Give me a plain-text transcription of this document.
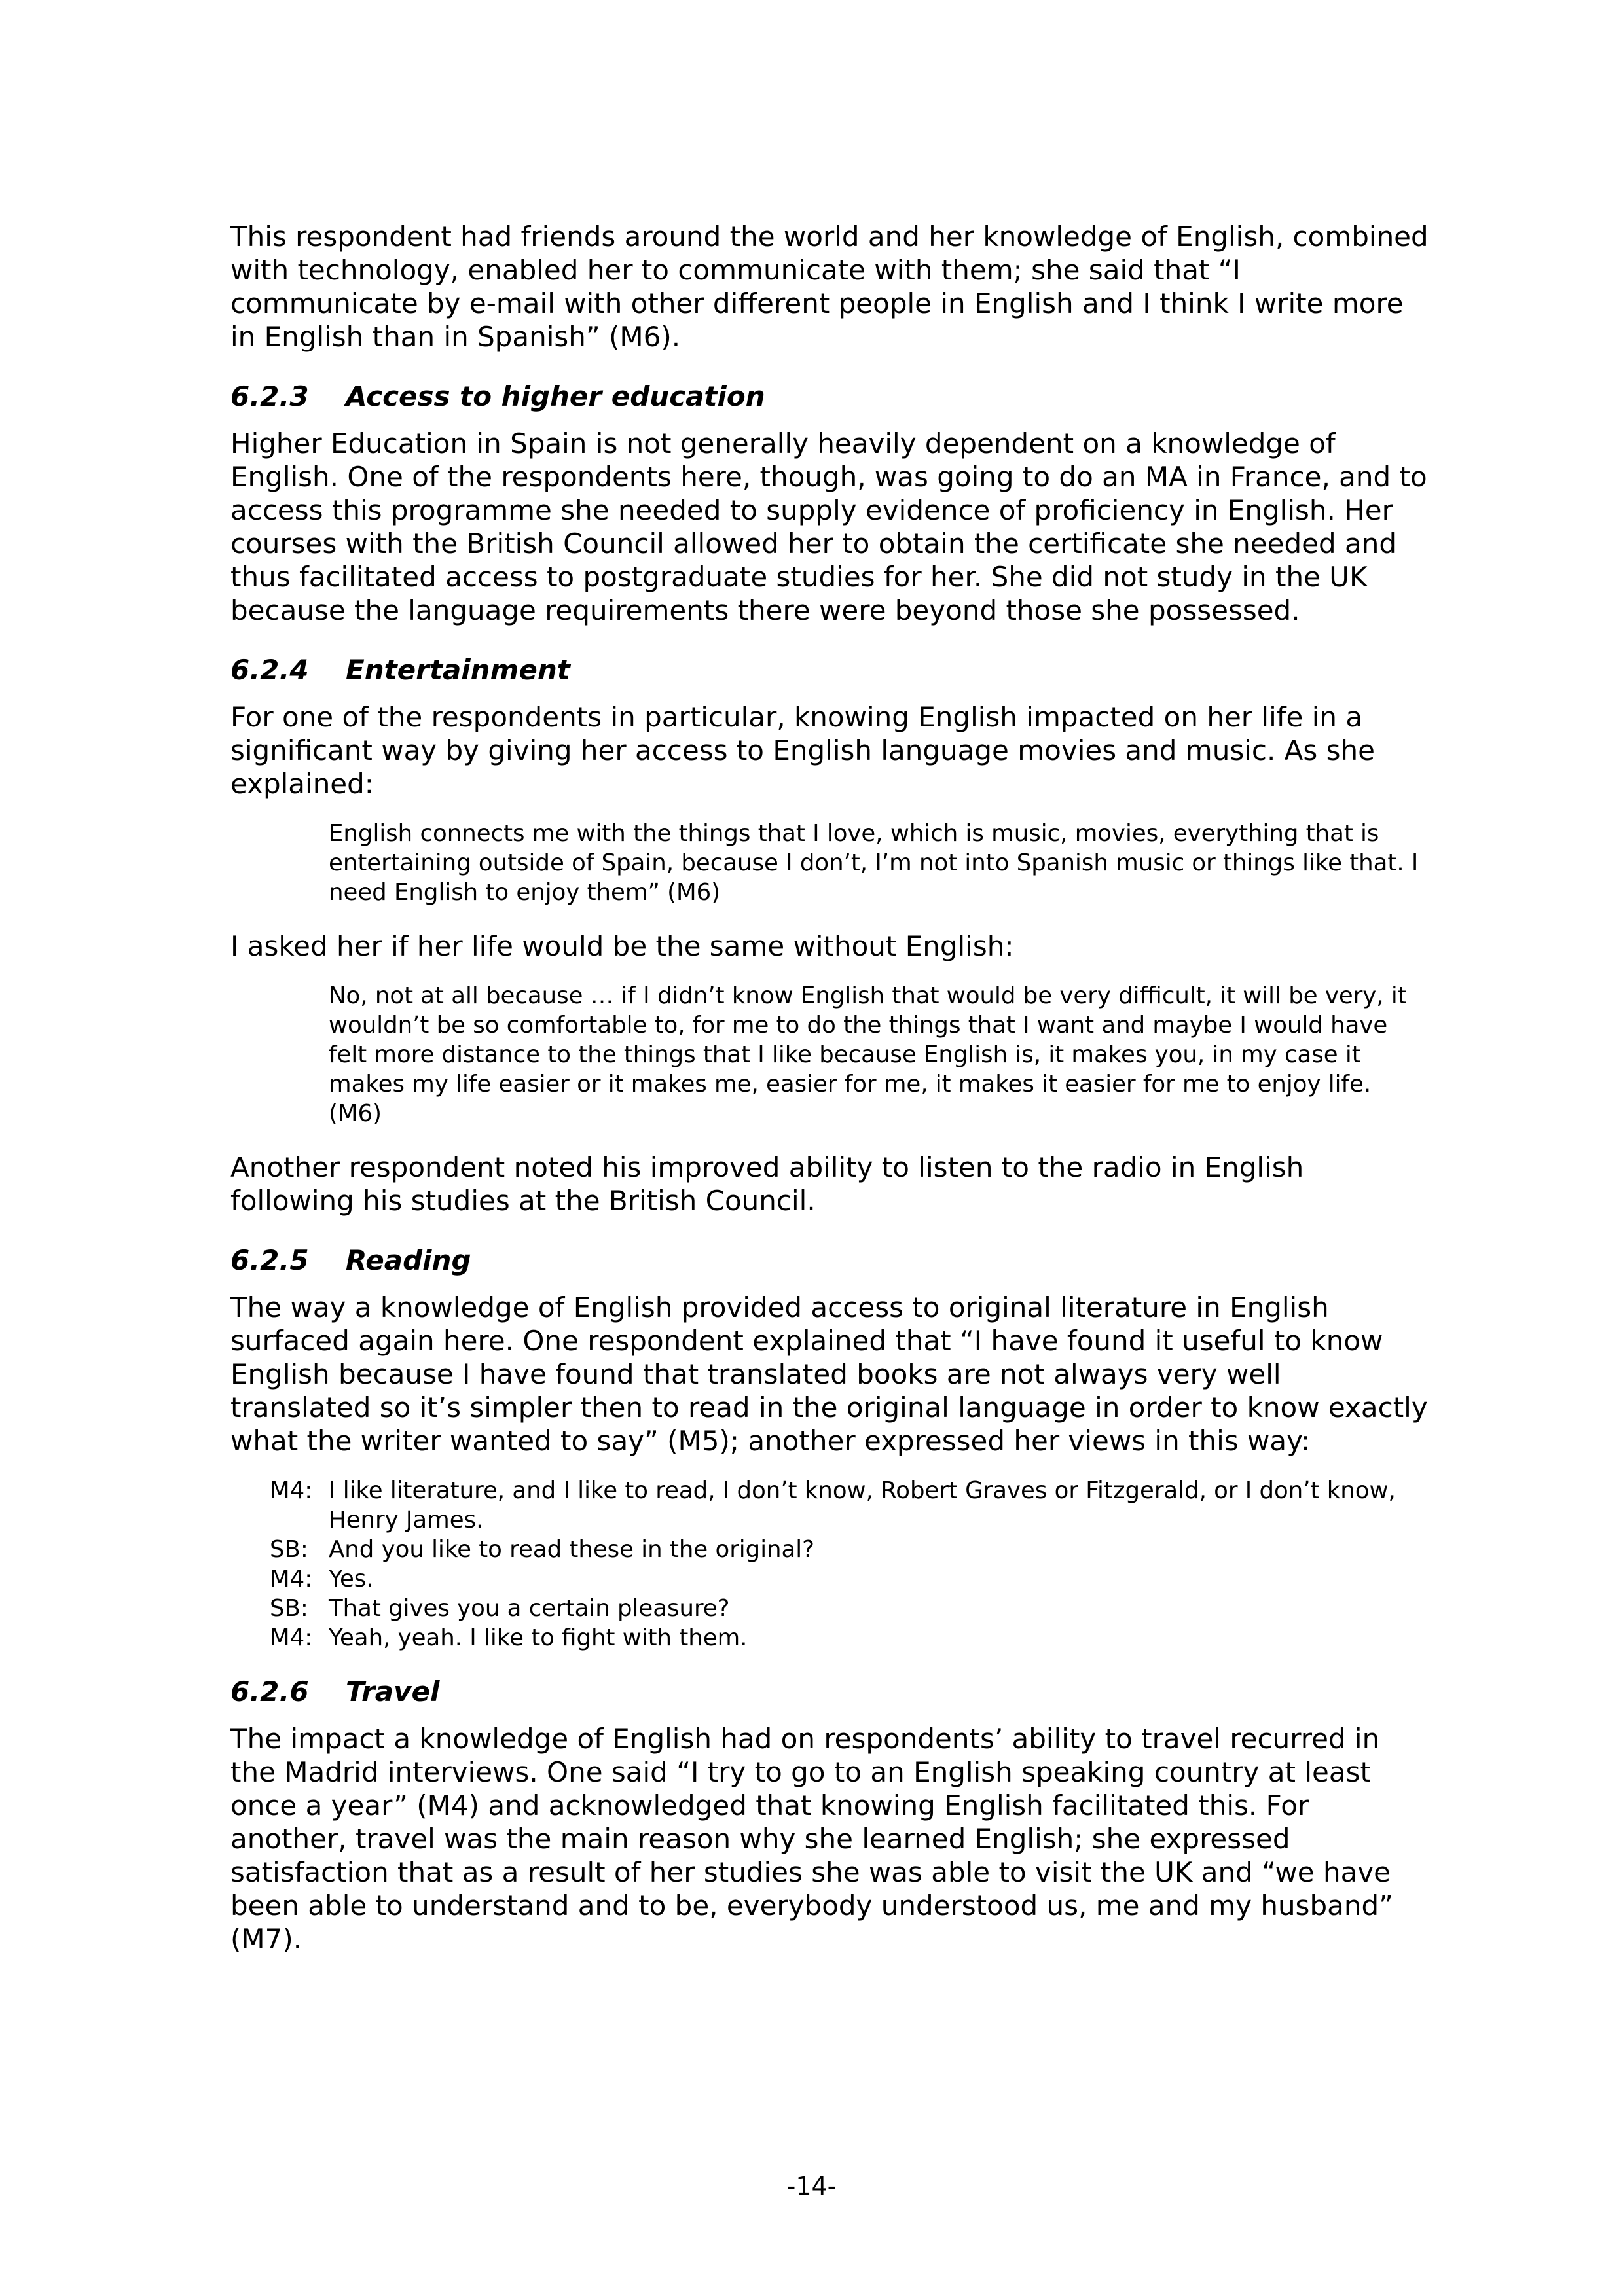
This respondent had friends around the world and her knowledge of English, combined with technology, enabled her to communicate with them; she said that “I communicate by e-mail with other different people in English and I think I write more in English than in Spanish” (M6).

6.2.3	Access to higher education

Higher Education in Spain is not generally heavily dependent on a knowledge of English. One of the respondents here, though, was going to do an MA in France, and to access this programme she needed to supply evidence of proficiency in English. Her courses with the British Council allowed her to obtain the certificate she needed and thus facilitated access to postgraduate studies for her. She did not study in the UK because the language requirements there were beyond those she possessed.

6.2.4	Entertainment

For one of the respondents in particular, knowing English impacted on her life in a significant way by giving her access to English language movies and music. As she explained:

English connects me with the things that I love, which is music, movies, everything that is entertaining outside of Spain, because I don’t, I’m not into Spanish music or things like that. I need English to enjoy them” (M6)

I asked her if her life would be the same without English:

No, not at all because … if I didn’t know English that would be very difficult, it will be very, it wouldn’t be so comfortable to, for me to do the things that I want and maybe I would have felt more distance to the things that I like because English is, it makes you, in my case it makes my life easier or it makes me, easier for me, it makes it easier for me to enjoy life. (M6)

Another respondent noted his improved ability to listen to the radio in English following his studies at the British Council.

6.2.5	Reading

The way a knowledge of English provided access to original literature in English surfaced again here. One respondent explained that “I have found it useful to know English because I have found that translated books are not always very well translated so it’s simpler then to read in the original language in order to know exactly what the writer wanted to say” (M5); another expressed her views in this way:

M4: I like literature, and I like to read, I don’t know, Robert Graves or Fitzgerald, or I don’t know, Henry James.
SB: And you like to read these in the original?
M4: Yes.
SB: That gives you a certain pleasure?
M4: Yeah, yeah. I like to fight with them.
6.2.6	Travel

The impact a knowledge of English had on respondents’ ability to travel recurred in the Madrid interviews. One said “I try to go to an English speaking country at least once a year” (M4) and acknowledged that knowing English facilitated this. For another, travel was the main reason why she learned English; she expressed satisfaction that as a result of her studies she was able to visit the UK and “we have been able to understand and to be, everybody understood us, me and my husband” (M7).

-14-
